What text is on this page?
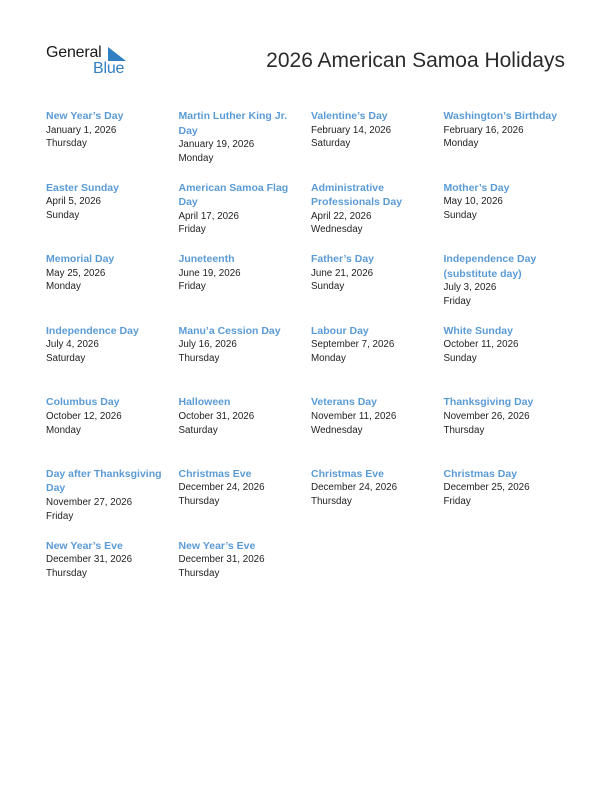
General
Blue	2026 American Samoa Holidays
New Year’s Day
January 1, 2026
Thursday
Martin Luther King Jr. Day
January 19, 2026
Monday
Valentine’s Day
February 14, 2026
Saturday
Washington’s Birthday
February 16, 2026
Monday
Easter Sunday
April 5, 2026
Sunday
American Samoa Flag Day
April 17, 2026
Friday
Administrative Professionals Day
April 22, 2026
Wednesday
Mother’s Day
May 10, 2026
Sunday
Memorial Day
May 25, 2026
Monday
Juneteenth
June 19, 2026
Friday
Father’s Day
June 21, 2026
Sunday
Independence Day (substitute day)
July 3, 2026
Friday
Independence Day
July 4, 2026
Saturday
Manu’a Cession Day
July 16, 2026
Thursday
Labour Day
September 7, 2026
Monday
White Sunday
October 11, 2026
Sunday
Columbus Day
October 12, 2026
Monday
Halloween
October 31, 2026
Saturday
Veterans Day
November 11, 2026
Wednesday
Thanksgiving Day
November 26, 2026
Thursday
Day after Thanksgiving Day
November 27, 2026
Friday
Christmas Eve
December 24, 2026
Thursday
Christmas Eve
December 24, 2026
Thursday
Christmas Day
December 25, 2026
Friday
New Year’s Eve
December 31, 2026
Thursday
New Year’s Eve
December 31, 2026
Thursday
